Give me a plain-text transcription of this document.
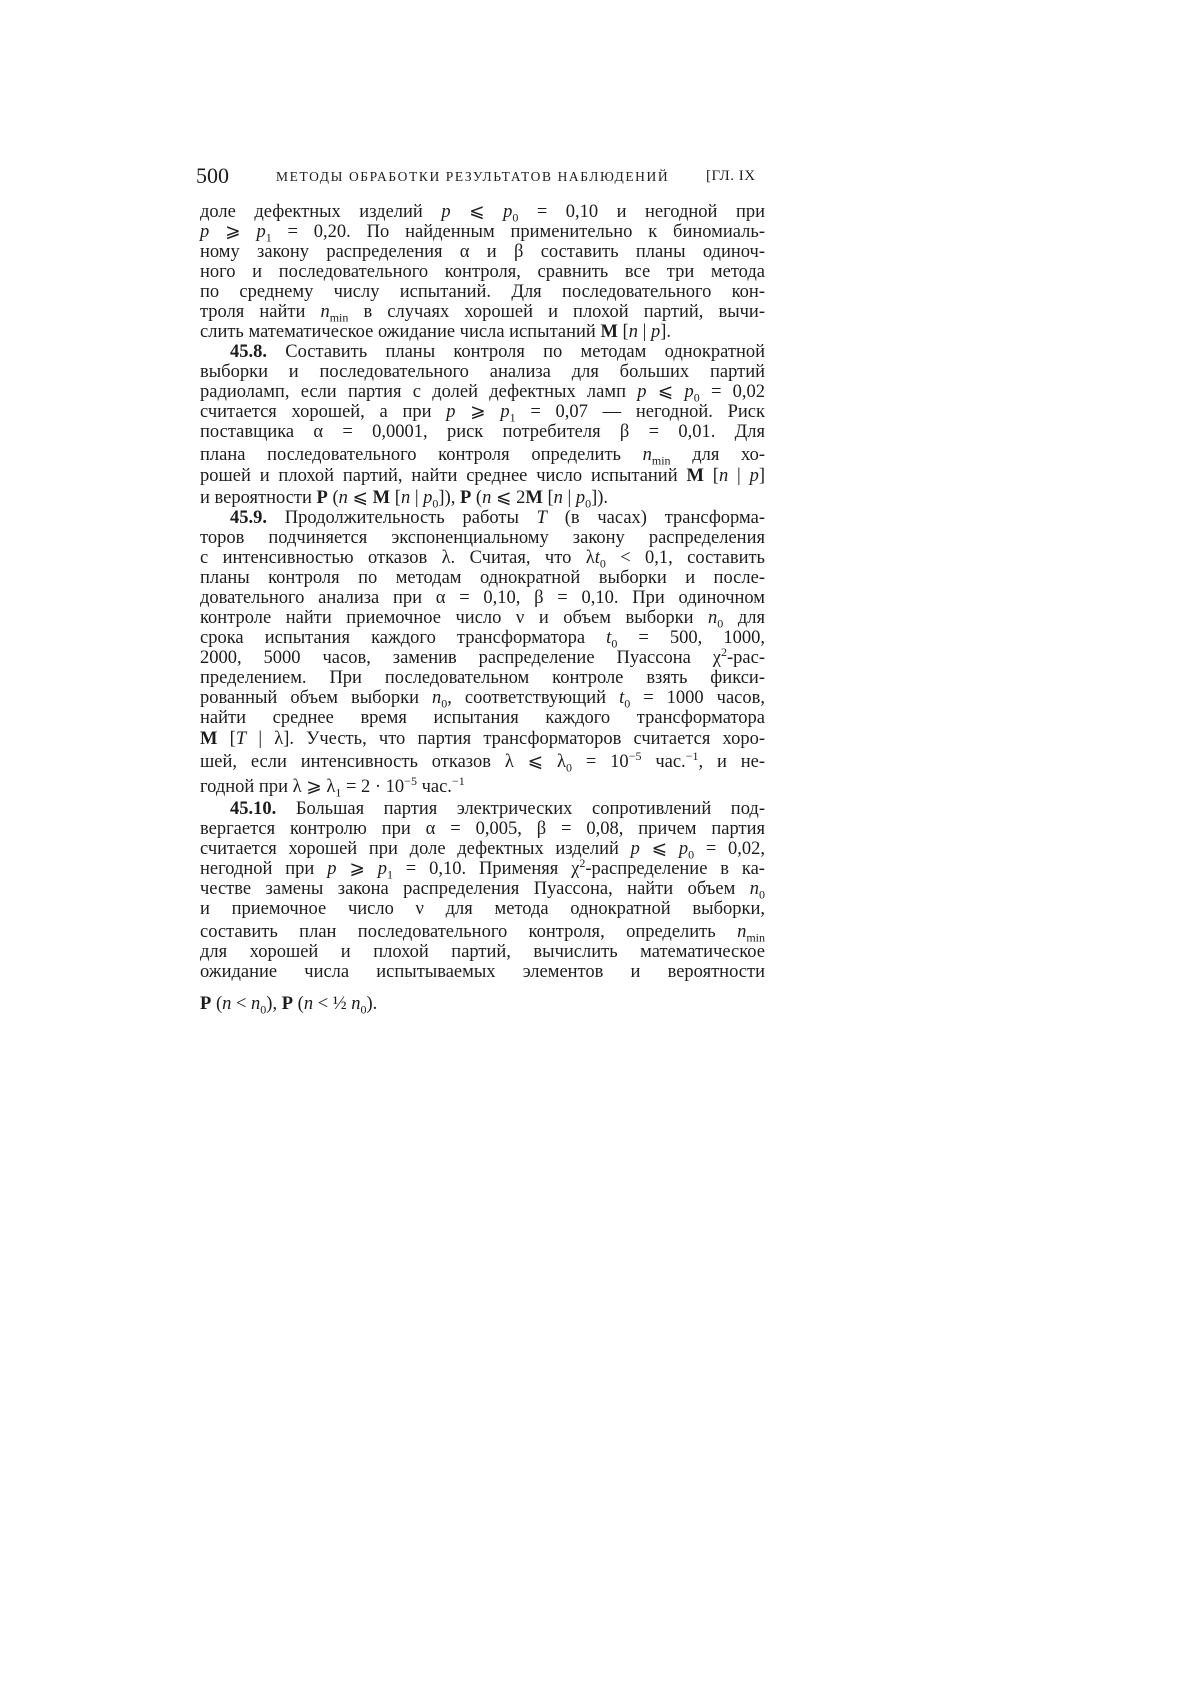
500	МЕТОДЫ ОБРАБОТКИ РЕЗУЛЬТАТОВ НАБЛЮДЕНИЙ [ГЛ. IX
доле дефектных изделий p ⩽ $p_0 = 0,10$ и негодной при
p ⩾ $p_1 = 0,20$. По найденным применительно к биномиаль-
ному закону распределения α и β составить планы одиноч-
ного и последовательного контроля, сравнить все три метода
по среднему числу испытаний. Для последовательного кон-
троля найти $n_{min}$ в случаях хорошей и плохой партий, вычи-
слить математическое ожидание числа испытаний M [n | p].
45.8. Составить планы контроля по методам однократной
выборки и последовательного анализа для больших партий
радиоламп, если партия с долей дефектных ламп p ⩽ $p_0 = 0,02$
считается хорошей, а при p ⩾ $p_1 = 0,07$ — негодной. Риск
поставщика α = 0,0001, риск потребителя β = 0,01. Для
плана последовательного контроля определить $n_{min}$ для хо-
рошей и плохой партий, найти среднее число испытаний M [n | p]
и вероятности P (n ⩽ M [n | $p_0$]), P (n ⩽ 2M [n | $p_0$]).
45.9. Продолжительность работы T (в часах) трансформа-
торов подчиняется экспоненциальному закону распределения
с интенсивностью отказов λ. Считая, что $\lambda t_0 < 0,1$, составить
планы контроля по методам однократной выборки и после-
довательного анализа при α = 0,10, β = 0,10. При одиночном
контроле найти приемочное число ν и объем выборки $n_0$ для
срока испытания каждого трансформатора $t_0 = 500$, 1000,
2000, 5000 часов, заменив распределение Пуассона $\chi^2-рас-$
пределением. При последовательном контроле взять фикси-
рованный объем выборки $n_0$, соответствующий $t_0 = 1000$ часов,
найти среднее время испытания каждого трансформатора
M [T | λ]. Учесть, что партия трансформаторов считается хоро-
шей, если интенсивность отказов λ ⩽ $\lambda_0 = 10^{-5}$ час.$^{-1}$, и не-
годной при λ ⩾ $\lambda_1 = 2 \cdot 10^{-5}$ час.$^{-1}$
45.10. Большая партия электрических сопротивлений под-
вергается контролю при α = 0,005, β = 0,08, причем партия
считается хорошей при доле дефектных изделий p ⩽ $p_0 = 0,02$,
негодной при p ⩾ $p_1 = 0,10$. Применяя $\chi^2$-распределение в ка-
честве замены закона распределения Пуассона, найти объем $n_0$
и приемочное число ν для метода однократной выборки,
составить план последовательного контроля, определить $n_{min}$
для хорошей и плохой партий, вычислить математическое
ожидание числа испытываемых элементов и вероятности
P $(n < n_0)$, P (n < ½ $n_0$).
